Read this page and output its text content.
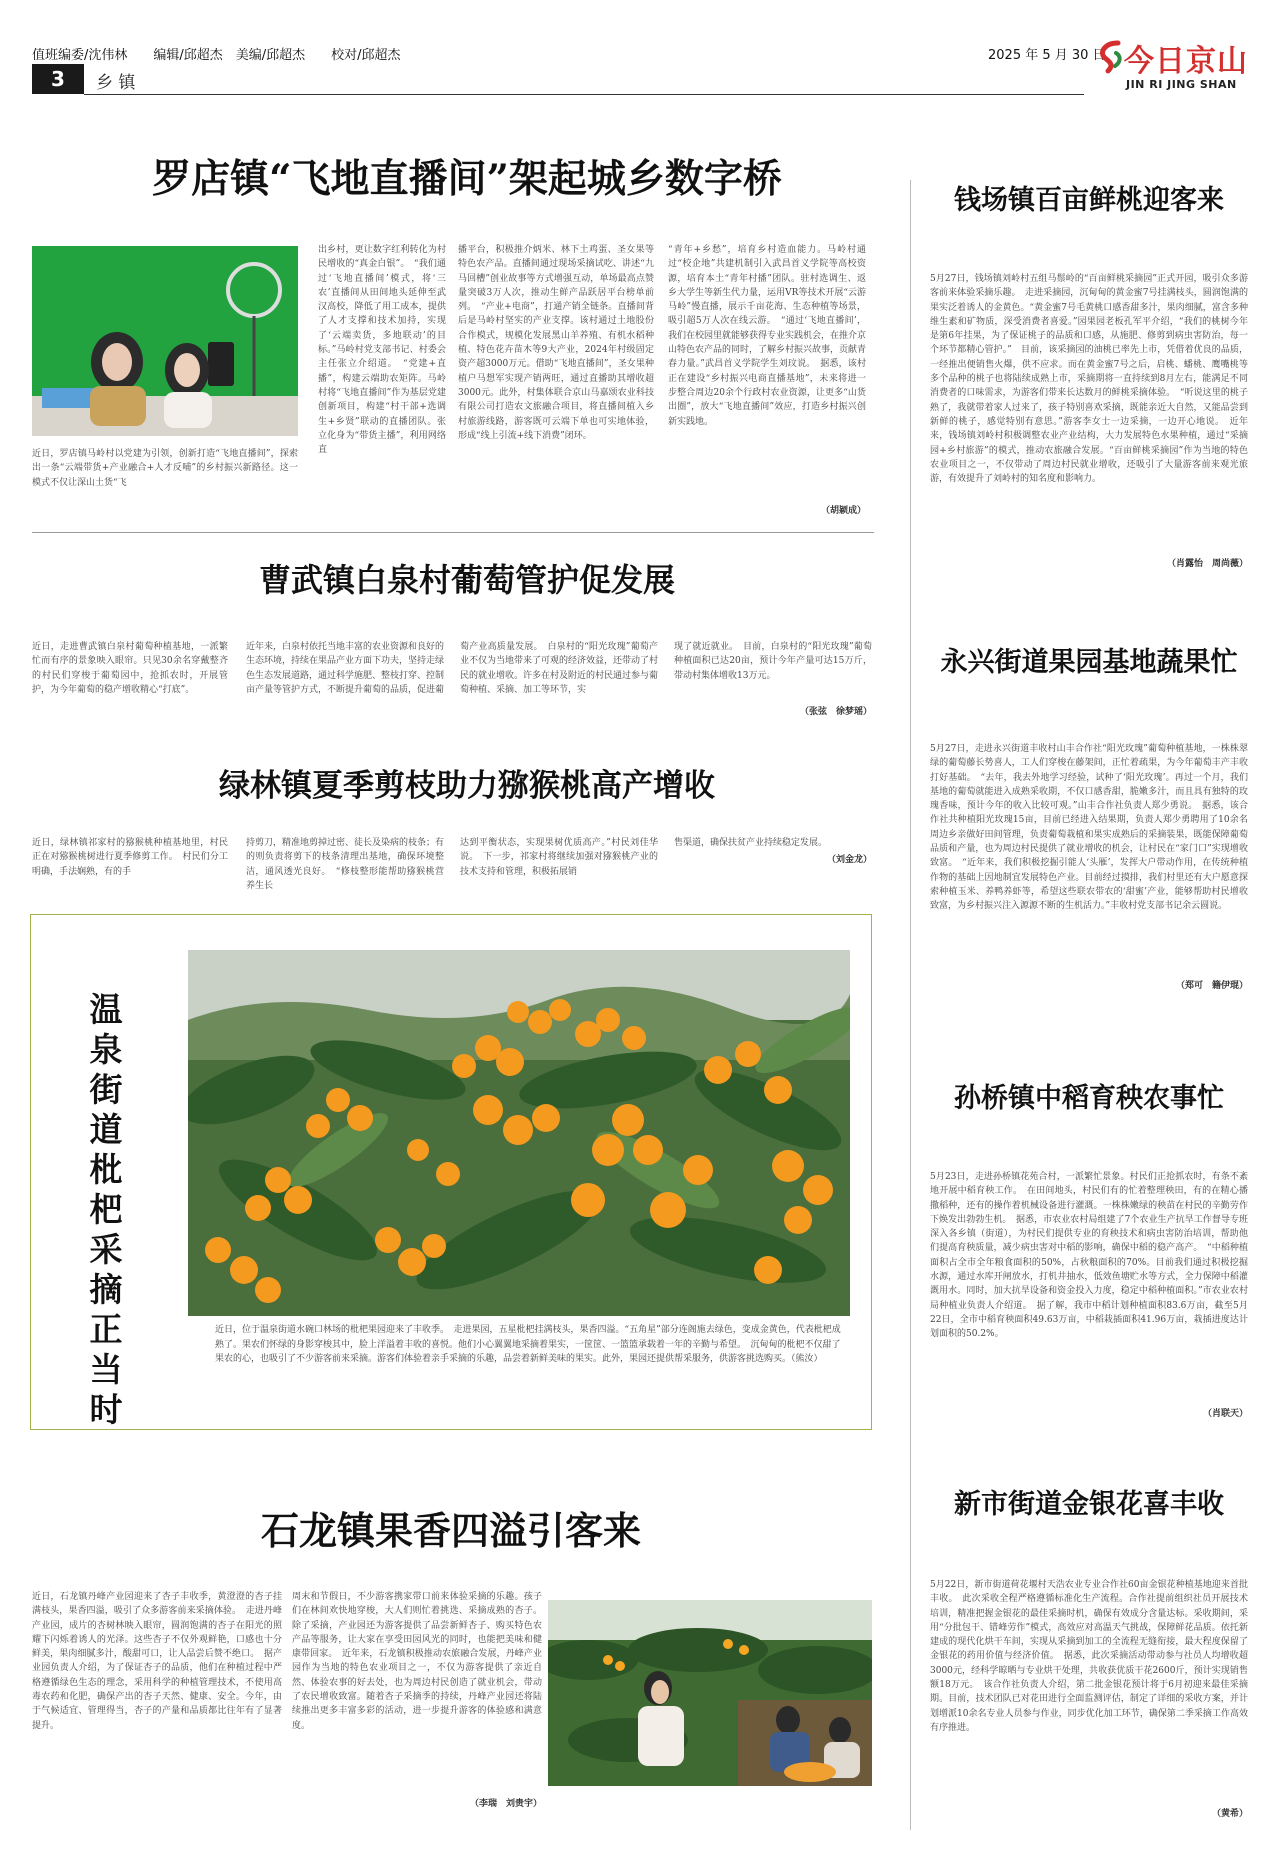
值班编委/沈伟林　　编辑/邱超杰　美编/邱超杰　　校对/邱超杰	2025 年 5 月 30 日
3	乡 镇
今日京山
JIN RI JING SHAN
罗店镇“飞地直播间”架起城乡数字桥
近日，罗店镇马岭村以党建为引领，创新打造“飞地直播间”，探索出一条“云端带货+产业融合+人才反哺”的乡村振兴新路径。这一模式不仅让深山土货“飞
出乡村，更让数字红利转化为村民增收的“真金白银”。　“我们通过‘飞地直播间’模式，将‘三农’直播间从田间地头延伸至武汉高校，降低了用工成本，提供了人才支撑和技术加持，实现了‘云端卖货，多地联动’的目标。”马岭村党支部书记、村委会主任张立介绍道。　“党建+直播”，构建云端助农矩阵。马岭村将“飞地直播间”作为基层党建创新项目，构建“村干部+选调生+乡贤”联动的直播团队。张立化身为“带货主播”，利用网络直
播平台，积极推介炳米、林下土鸡蛋、圣女果等特色农产品。直播间通过现场采摘试吃、讲述“九马回槽”创业故事等方式增强互动，单场最高点赞量突破3万人次，推动生鲜产品跃居平台榜单前列。　“产业+电商”，打通产销全链条。直播间背后是马岭村坚实的产业支撑。该村通过土地股份合作模式，规模化发展黑山羊养殖、有机水稻种植、特色花卉苗木等9大产业，2024年村级固定资产超3000万元。借助“飞地直播间”，圣女果种植户马想军实现产销两旺，通过直播助其增收超3000元。此外，村集体联合京山马嘉颂农业科技有限公司打造农文旅融合项目，将直播间植入乡村旅游线路，游客既可云端下单也可实地体验，形成“线上引流+线下消费”闭环。
“青年+乡愁”，培育乡村造血能力。马岭村通过“校企地”共建机制引入武昌首义学院等高校资源，培育本土“青年村播”团队。驻村选调生、返乡大学生等新生代力量，运用VR等技术开展“云游马岭”慢直播，展示千亩花海、生态种植等场景，吸引超5万人次在线云游。　“通过‘飞地直播间’，我们在校园里就能够获得专业实践机会，在推介京山特色农产品的同时，了解乡村振兴故事，贡献青春力量。”武昌首义学院学生刘玟说。　据悉，该村正在建设“乡村振兴电商直播基地”，未来将进一步整合周边20余个行政村农业资源，让更多“山货出圈”，放大“飞地直播间”效应，打造乡村振兴创新实践地。
（胡颖成）
曹武镇白泉村葡萄管护促发展
近日，走进曹武镇白泉村葡萄种植基地，一派繁忙而有序的景象映入眼帘。只见30余名穿戴整齐的村民们穿梭于葡萄园中，抢抓农时，开展管护，为今年葡萄的稳产增收精心“打底”。
近年来，白泉村依托当地丰富的农业资源和良好的生态环境，持续在果品产业方面下功夫，坚持走绿色生态发展道路，通过科学施肥、整枝打穿、控制亩产量等管护方式，不断提升葡萄的品质，促进葡
萄产业高质量发展。　白泉村的“阳光玫瑰”葡萄产业不仅为当地带来了可观的经济效益，还带动了村民的就业增收。许多在村及附近的村民通过参与葡萄种植、采摘、加工等环节，实
现了就近就业。　目前，白泉村的“阳光玫瑰”葡萄种植面积已达20亩，预计今年产量可达15万斤，带动村集体增收13万元。
（张弦　徐梦瑶）
绿林镇夏季剪枝助力猕猴桃高产增收
近日，绿林镇祁家村的猕猴桃种植基地里，村民正在对猕猴桃树进行夏季修剪工作。　村民们分工明确，手法娴熟，有的手
持剪刀，精准地剪掉过密、徒长及染病的枝条；有的则负责将剪下的枝条清理出基地，确保环境整洁，通风透光良好。　“修枝整形能帮助猕猴桃营养生长
达到平衡状态，实现果树优质高产。”村民刘佳华说。　下一步，祁家村将继续加强对猕猴桃产业的技术支持和管理，积极拓展销
售渠道，确保扶贫产业持续稳定发展。
（刘金龙）
温泉街道枇杷采摘正当时
近日，位于温泉街道水碗口林场的枇杷果园迎来了丰收季。　走进果园，五星枇杷挂满枝头，果香四溢。“五角星”部分连阁施去绿色，变成金黄色，代表枇杷成熟了。果农们怀绿的身影穿梭其中，脸上洋溢着丰收的喜悦。他们小心翼翼地采摘着果实，一筐筐、一篮篮承载着一年的辛勤与希望。　沉甸甸的枇杷不仅甜了果农的心，也吸引了不少游客前来采摘。游客们体验着亲手采摘的乐趣，品尝着新鲜美味的果实。此外，果园还提供帮采服务，供游客挑选购买。（熊汝）
石龙镇果香四溢引客来
近日，石龙镇丹峰产业园迎来了杏子丰收季，黄澄澄的杏子挂满枝头，果香四溢，吸引了众多游客前来采摘体验。　走进丹峰产业园，成片的杏树林映入眼帘，圆润饱满的杏子在阳光的照耀下闪烁着诱人的光泽。这些杏子不仅外观鲜艳，口感也十分鲜美，果肉细腻多汁，酸甜可口，让人品尝后赞不绝口。　据产业园负责人介绍，为了保证杏子的品质，他们在种植过程中严格遵循绿色生态的理念，采用科学的种植管理技术，不使用高毒农药和化肥，确保产出的杏子天然、健康、安全。今年，由于气候适宜、管理得当，杏子的产量和品质都比往年有了显著提升。
周末和节假日，不少游客携家带口前来体验采摘的乐趣。孩子们在林间欢快地穿梭，大人们则忙着挑选、采摘成熟的杏子。除了采摘，产业园还为游客提供了品尝新鲜杏子、购买特色农产品等服务，让大家在享受田园风光的同时，也能把美味和健康带回家。　近年来，石龙镇积极推动农旅融合发展，丹峰产业园作为当地的特色农业项目之一，不仅为游客提供了亲近自然、体验农事的好去处，也为周边村民创造了就业机会，带动了农民增收致富。随着杏子采摘季的持续，丹峰产业园还将陆续推出更多丰富多彩的活动，进一步提升游客的体验感和满意度。
（李瑞　刘贵宇）
钱场镇百亩鲜桃迎客来
5月27日，钱场镇刘岭村五组马鬃岭的“百亩鲜桃采摘园”正式开园，吸引众多游客前来体验采摘乐趣。　走进采摘园，沉甸甸的黄金蜜7号挂满枝头，圆润饱满的果实泛着诱人的金黄色。“黄金蜜7号毛黄桃口感香甜多汁，果肉细腻，富含多种维生素和矿物质，深受消费者喜爱。”园果园老板孔军平介绍，“我们的桃树今年是第6年挂果，为了保证桃子的品质和口感，从施肥、修剪到病虫害防治，每一个环节都精心管护。”　目前，该采摘园的油桃已率先上市，凭借着优良的品质，一经推出便销售火爆，供不应求。而在黄金蜜7号之后，启桃、蟠桃、鹰嘴桃等多个品种的桃子也将陆续成熟上市，采摘期将一直持续到8月左右，能满足不同消费者的口味需求，为游客们带来长达数月的鲜桃采摘体验。　“听说这里的桃子熟了，我就带着家人过来了，孩子特别喜欢采摘，既能亲近大自然，又能品尝到新鲜的桃子，感觉特别有意思。”游客李女士一边采摘，一边开心地说。　近年来，钱场镇刘岭村积极调整农业产业结构，大力发展特色水果种植，通过“采摘园+乡村旅游”的模式，推动农旅融合发展。“百亩鲜桃采摘园”作为当地的特色农业项目之一，不仅带动了周边村民就业增收，还吸引了大量游客前来观光旅游，有效提升了刘岭村的知名度和影响力。
（肖露怡　周尚薇）
永兴街道果园基地蔬果忙
5月27日，走进永兴街道丰收村山丰合作社“阳光玫瑰”葡萄种植基地，一株株翠绿的葡萄藤长势喜人，工人们穿梭在藤架间，正忙着疏果，为今年葡萄丰产丰收打好基础。　“去年，我去外地学习经验，试种了‘阳光玫瑰’。再过一个月，我们基地的葡萄就能进入成熟采收期，不仅口感香甜，脆嫩多汁，而且具有独特的玫瑰香味，预计今年的收入比较可观。”山丰合作社负责人郑少勇说。　据悉，该合作社共种植阳光玫瑰15亩，目前已经进入结果期，负责人郑少勇聘用了10余名周边乡亲做好田间管理，负责葡萄栽植和果实成熟后的采摘装果，既能保障葡萄品质和产量，也为周边村民提供了就业增收的机会，让村民在“家门口”实现增收致富。　“近年来，我们积极挖掘引能人‘头雁’，发挥大户带动作用，在传统种植作物的基础上因地制宜发展特色产业。目前经过摸排，我们村里还有大户愿意探索种植玉米、养鸭养虾等，希望这些联农带农的‘甜蜜’产业，能够帮助村民增收致富，为乡村振兴注入源源不断的生机活力。”丰收村党支部书记余云圆说。
（郑可　籍伊琨）
孙桥镇中稻育秧农事忙
5月23日，走进孙桥镇花苑合村，一派繁忙景象。村民们正抢抓农时，有条不紊地开展中稻育秧工作。　在田间地头，村民们有的忙着整理秧田，有的在精心播撒稻种，还有的操作着机械设备进行灌溉。一株株嫩绿的秧苗在村民的辛勤劳作下焕发出勃勃生机。　据悉，市农业农村局组建了7个农业生产抗旱工作督导专班深入各乡镇（街道），为村民们提供专业的育秧技术和病虫害防治培训，帮助他们提高育秧质量，减少病虫害对中稻的影响，确保中稻的稳产高产。　“中稻种植面积占全市全年粮食面积的50%，占秋粮面积的70%。目前我们通过积极挖掘水源，通过水库开闸放水，打机井抽水，低效鱼塘贮水等方式，全力保障中稻灌溉用水。同时，加大抗旱设备和资金投入力度，稳定中稻种植面积。”市农业农村局种植业负责人介绍道。　据了解，我市中稻计划种植面积83.6万亩，截至5月22日，全市中稻育秧面积49.63万亩，中稻栽插面积41.96万亩，栽插进度达计划面积的50.2%。
（肖联天）
新市街道金银花喜丰收
5月22日，新市街道荷花堰村天浩农业专业合作社60亩金银花种植基地迎来首批丰收。　此次采收全程严格遵循标准化生产流程。合作社提前组织社员开展技术培训，精准把握金银花的最佳采摘时机，确保有效成分含量达标。采收期间，采用“分批包干、错峰劳作”模式，高效应对高温天气挑战，保障鲜花品质。依托新建成的现代化烘干车间，实现从采摘到加工的全流程无缝衔接，最大程度保留了金银花的药用价值与经济价值。　据悉，此次采摘活动带动参与社员人均增收超3000元，经科学晾晒与专业烘干处理，共收获优质干花2600斤，预计实现销售额18万元。　该合作社负责人介绍，第二批金银花预计将于6月初迎来最佳采摘期。目前，技术团队已对花田进行全面监测评估，制定了详细的采收方案，并计划增派10余名专业人员参与作业，同步优化加工环节，确保第二季采摘工作高效有序推进。
（黄希）
